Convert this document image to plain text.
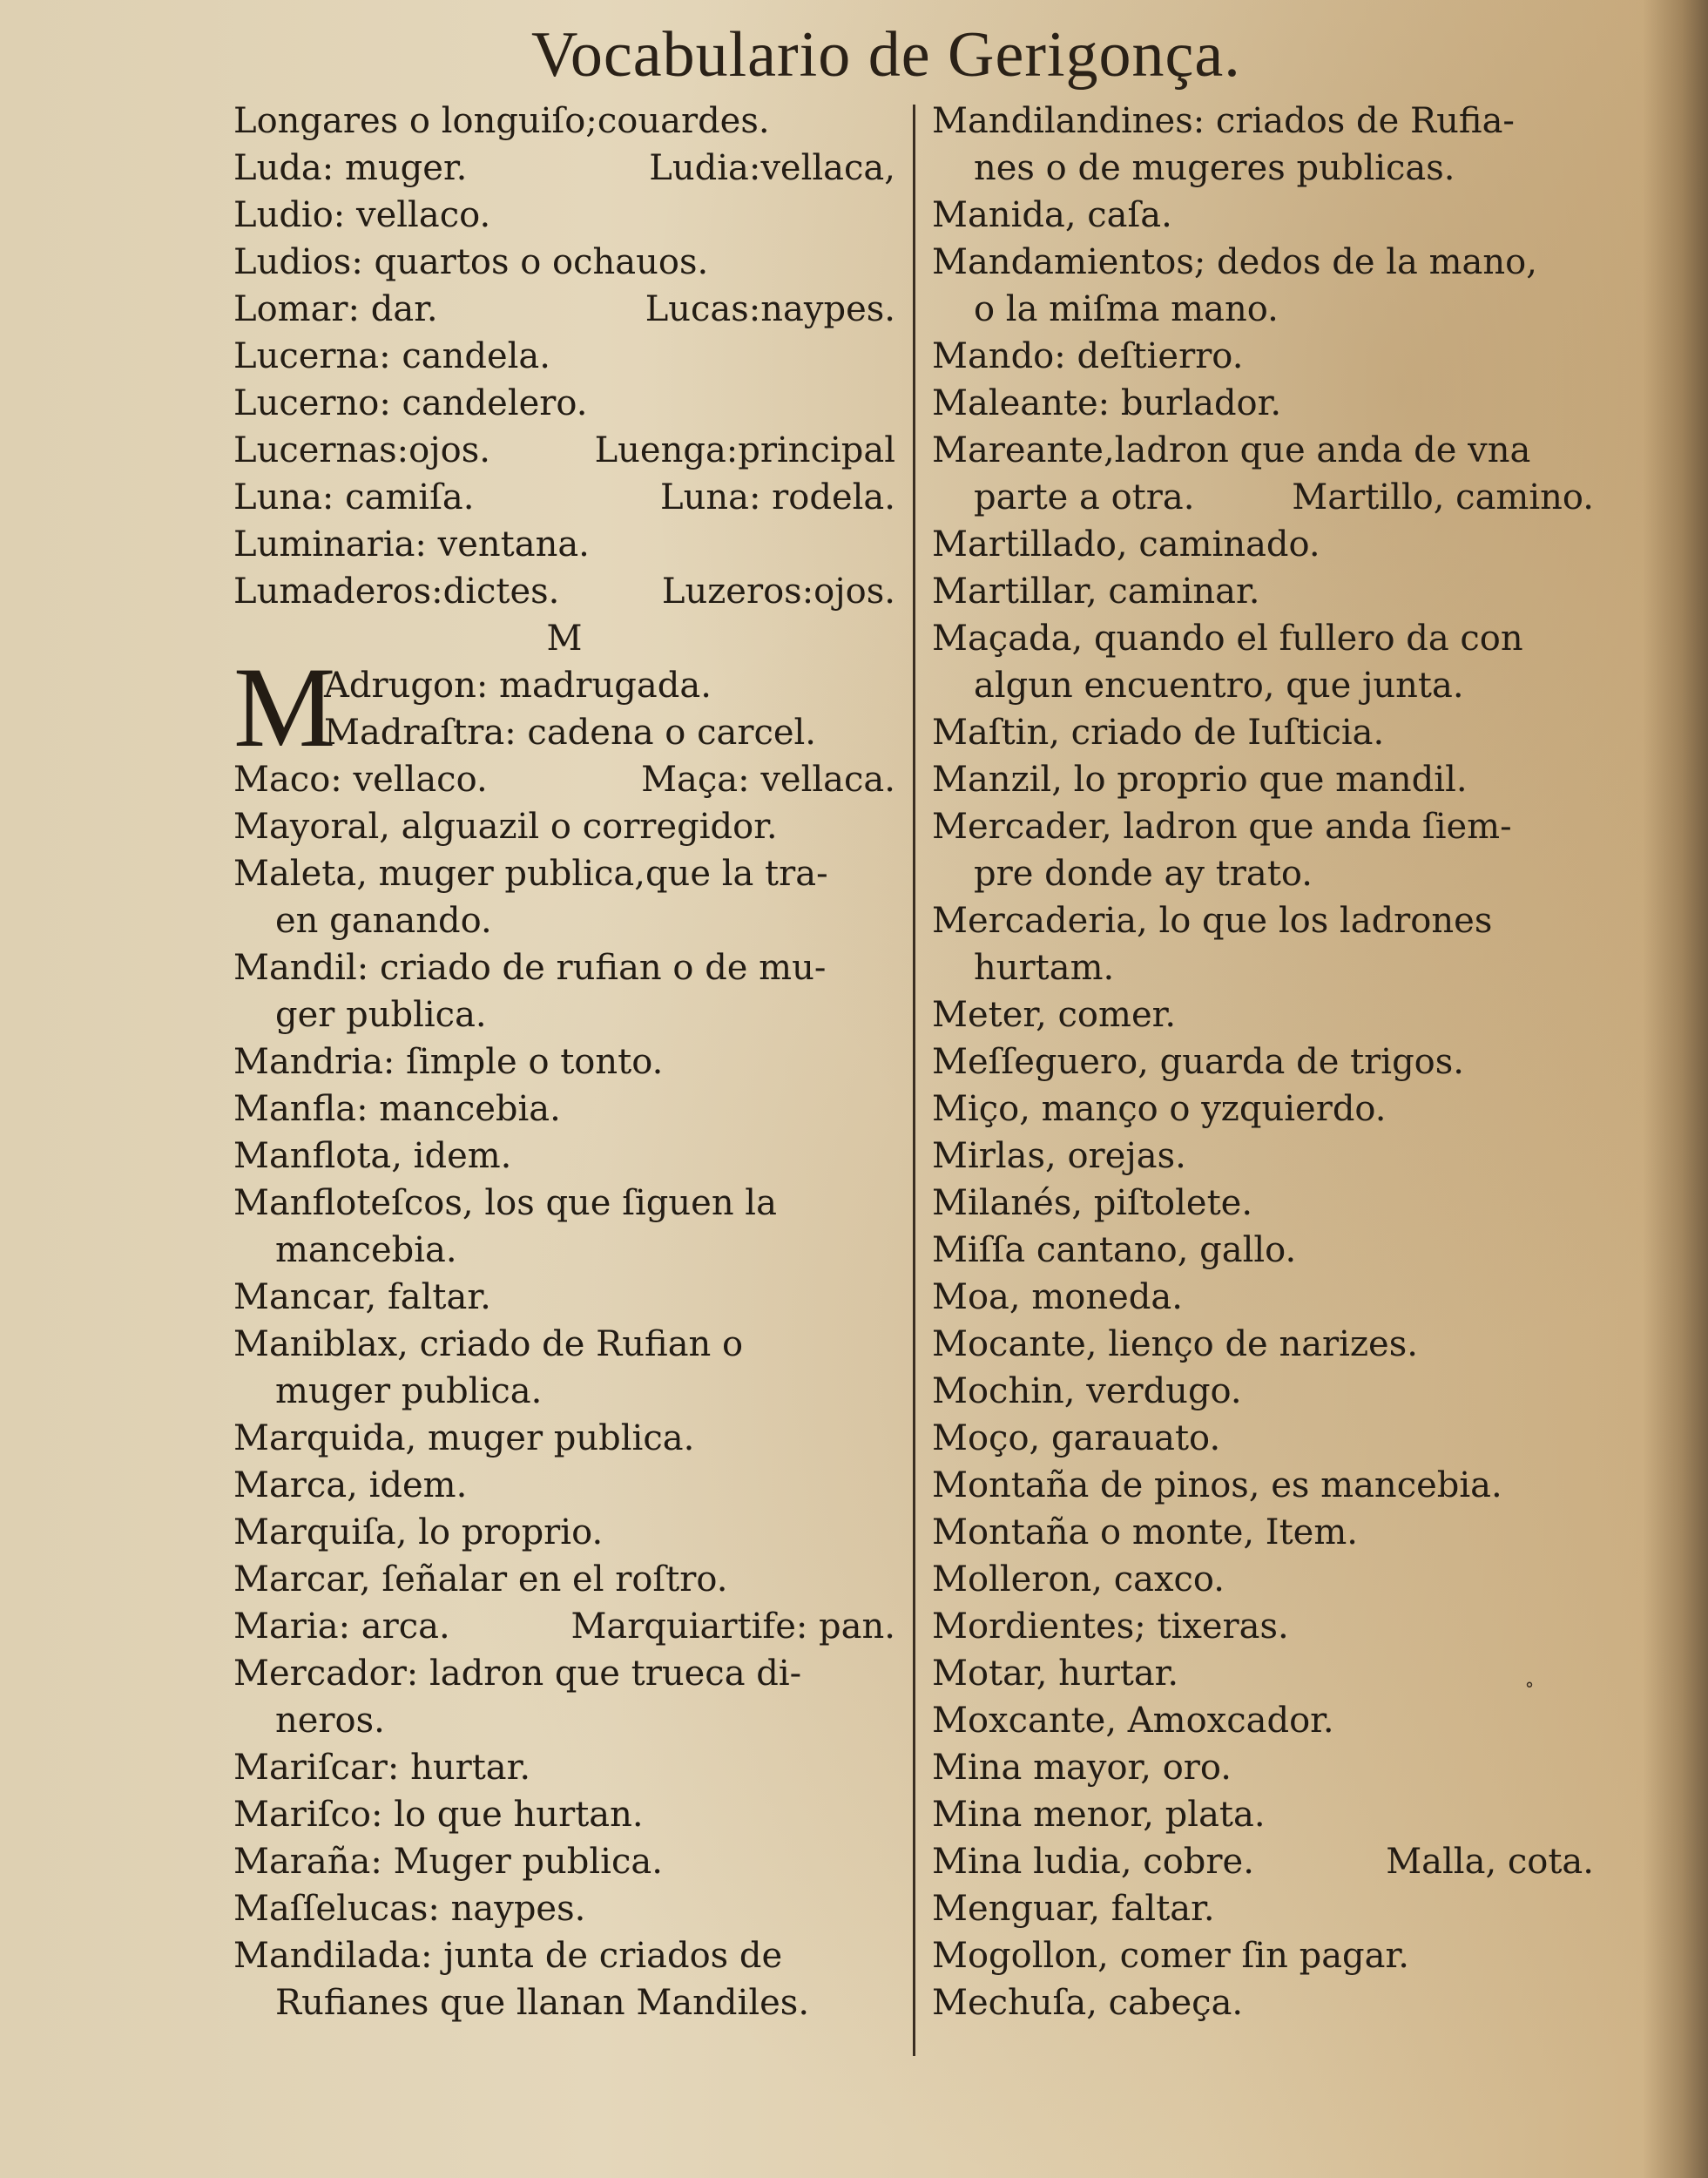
Vocabulario de Gerigonça.
Longares o longuiſo;couardes.
Luda: muger.	Ludia:vellaca,
Ludio: vellaco.
Ludios: quartos o ochauos.
Lomar: dar.	Lucas:naypes.
Lucerna: candela.
Lucerno: candelero.
Lucernas:ojos.	Luenga:principal
Luna: camiſa.	Luna: rodela.
Luminaria: ventana.
Lumaderos:dictes.	Luzeros:ojos.
M
M
Adrugon: madrugada.
Madraſtra: cadena o carcel.
Maco: vellaco.	Maça: vellaca.
Mayoral, alguazil o corregidor.
Maleta, muger publica,que la tra-
en ganando.
Mandil: criado de rufian o de mu-
ger publica.
Mandria: ſimple o tonto.
Manfla: mancebia.
Manflota, idem.
Manfloteſcos, los que ſiguen la
mancebia.
Mancar, faltar.
Maniblax, criado de Rufian o
muger publica.
Marquida, muger publica.
Marca, idem.
Marquiſa, lo proprio.
Marcar, ſeñalar en el roſtro.
Maria: arca.	Marquiartife: pan.
Mercador: ladron que trueca di-
neros.
Mariſcar: hurtar.
Mariſco: lo que hurtan.
Maraña: Muger publica.
Maſſelucas: naypes.
Mandilada: junta de criados de
Rufianes que llanan Mandiles.
Mandilandines: criados de Rufia-
nes o de mugeres publicas.
Manida, caſa.
Mandamientos; dedos de la mano,
o la miſma mano.
Mando: deſtierro.
Maleante: burlador.
Mareante,ladron que anda de vna
parte a otra.	Martillo, camino.
Martillado, caminado.
Martillar, caminar.
Maçada, quando el fullero da con
algun encuentro, que junta.
Maſtin, criado de Iuſticia.
Manzil, lo proprio que mandil.
Mercader, ladron que anda ſiem-
pre donde ay trato.
Mercaderia, lo que los ladrones
hurtam.
Meter, comer.
Meſſeguero, guarda de trigos.
Miço, manço o yzquierdo.
Mirlas, orejas.
Milanés, piſtolete.
Miſſa cantano, gallo.
Moa, moneda.
Mocante, lienço de narizes.
Mochin, verdugo.
Moço, garauato.
Montaña de pinos, es mancebia.
Montaña o monte, Item.
Molleron, caxco.
Mordientes; tixeras.
Motar, hurtar.
Moxcante, Amoxcador.
Mina mayor, oro.
Mina menor, plata.
Mina ludia, cobre.	Malla, cota.
Menguar, faltar.
Mogollon, comer ſin pagar.
Mechuſa, cabeça.
˚
